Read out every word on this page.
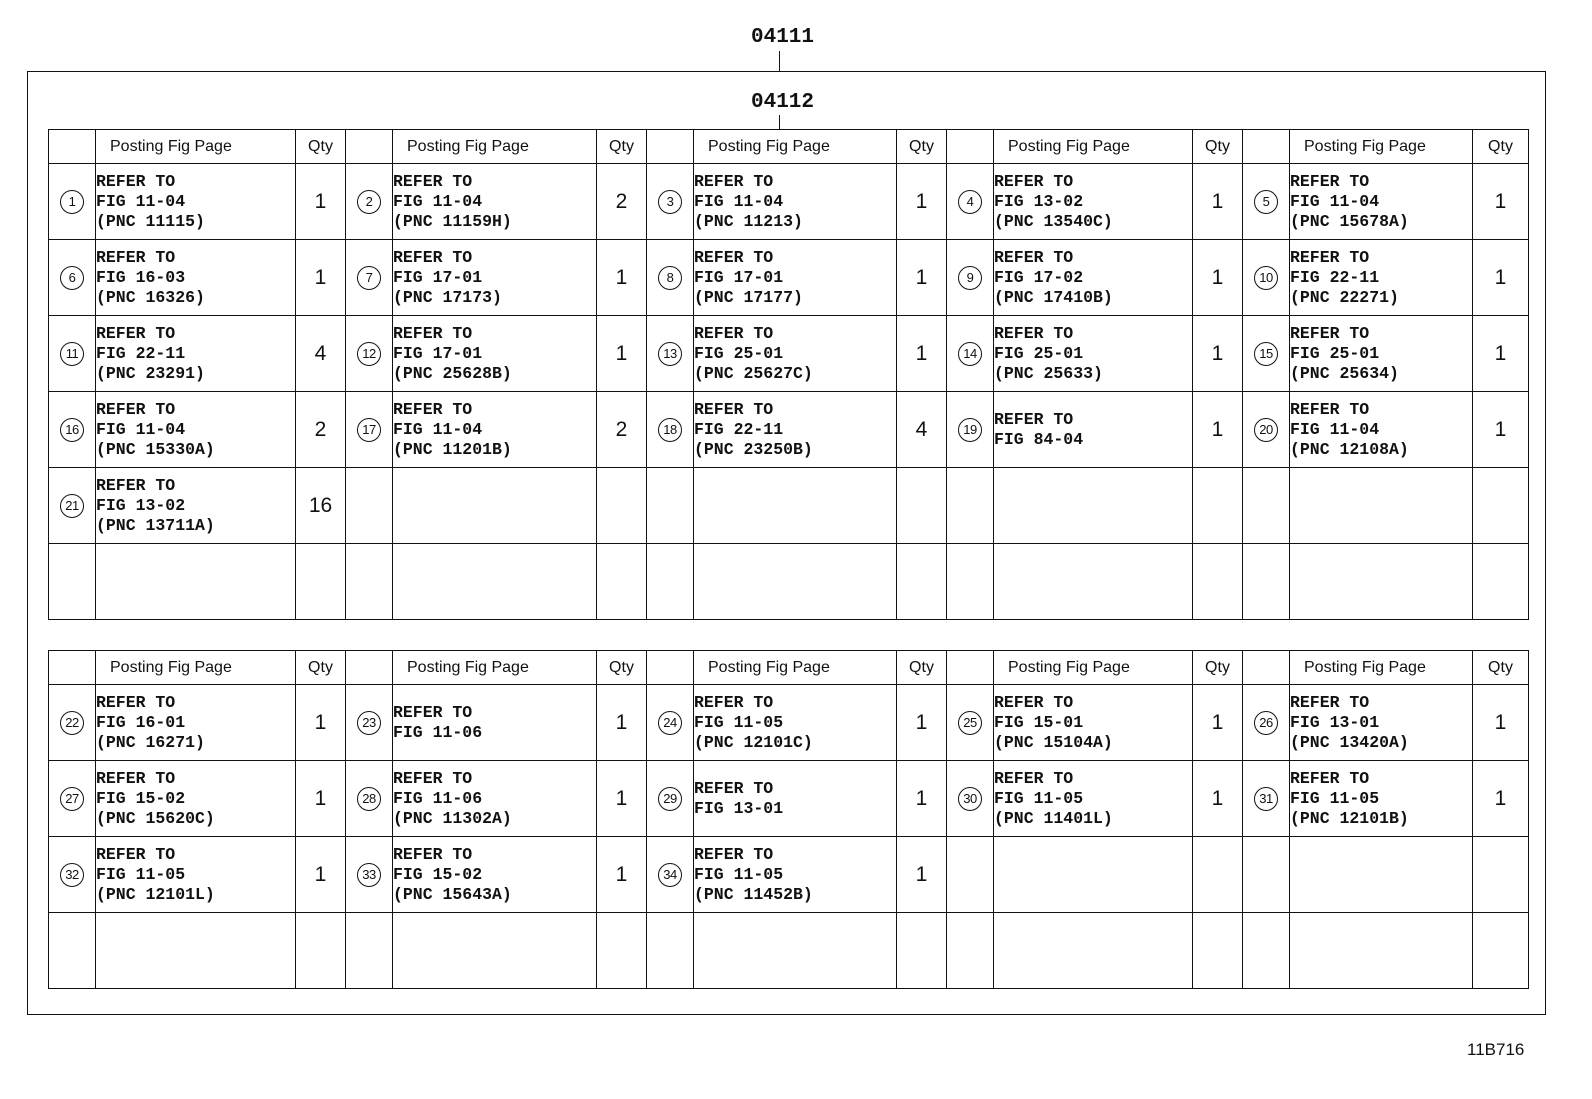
04111
04112
	Posting Fig Page	Qty		Posting Fig Page	Qty		Posting Fig Page	Qty		Posting Fig Page	Qty		Posting Fig Page	Qty
1	REFER TO
FIG 11-04
(PNC 11115)	1	2	REFER TO
FIG 11-04
(PNC 11159H)	2	3	REFER TO
FIG 11-04
(PNC 11213)	1	4	REFER TO
FIG 13-02
(PNC 13540C)	1	5	REFER TO
FIG 11-04
(PNC 15678A)	1
6	REFER TO
FIG 16-03
(PNC 16326)	1	7	REFER TO
FIG 17-01
(PNC 17173)	1	8	REFER TO
FIG 17-01
(PNC 17177)	1	9	REFER TO
FIG 17-02
(PNC 17410B)	1	10	REFER TO
FIG 22-11
(PNC 22271)	1
11	REFER TO
FIG 22-11
(PNC 23291)	4	12	REFER TO
FIG 17-01
(PNC 25628B)	1	13	REFER TO
FIG 25-01
(PNC 25627C)	1	14	REFER TO
FIG 25-01
(PNC 25633)	1	15	REFER TO
FIG 25-01
(PNC 25634)	1
16	REFER TO
FIG 11-04
(PNC 15330A)	2	17	REFER TO
FIG 11-04
(PNC 11201B)	2	18	REFER TO
FIG 22-11
(PNC 23250B)	4	19	REFER TO
FIG 84-04	1	20	REFER TO
FIG 11-04
(PNC 12108A)	1
21	REFER TO
FIG 13-02
(PNC 13711A)	16												

	Posting Fig Page	Qty		Posting Fig Page	Qty		Posting Fig Page	Qty		Posting Fig Page	Qty		Posting Fig Page	Qty
22	REFER TO
FIG 16-01
(PNC 16271)	1	23	REFER TO
FIG 11-06	1	24	REFER TO
FIG 11-05
(PNC 12101C)	1	25	REFER TO
FIG 15-01
(PNC 15104A)	1	26	REFER TO
FIG 13-01
(PNC 13420A)	1
27	REFER TO
FIG 15-02
(PNC 15620C)	1	28	REFER TO
FIG 11-06
(PNC 11302A)	1	29	REFER TO
FIG 13-01	1	30	REFER TO
FIG 11-05
(PNC 11401L)	1	31	REFER TO
FIG 11-05
(PNC 12101B)	1
32	REFER TO
FIG 11-05
(PNC 12101L)	1	33	REFER TO
FIG 15-02
(PNC 15643A)	1	34	REFER TO
FIG 11-05
(PNC 11452B)	1						

11B716
